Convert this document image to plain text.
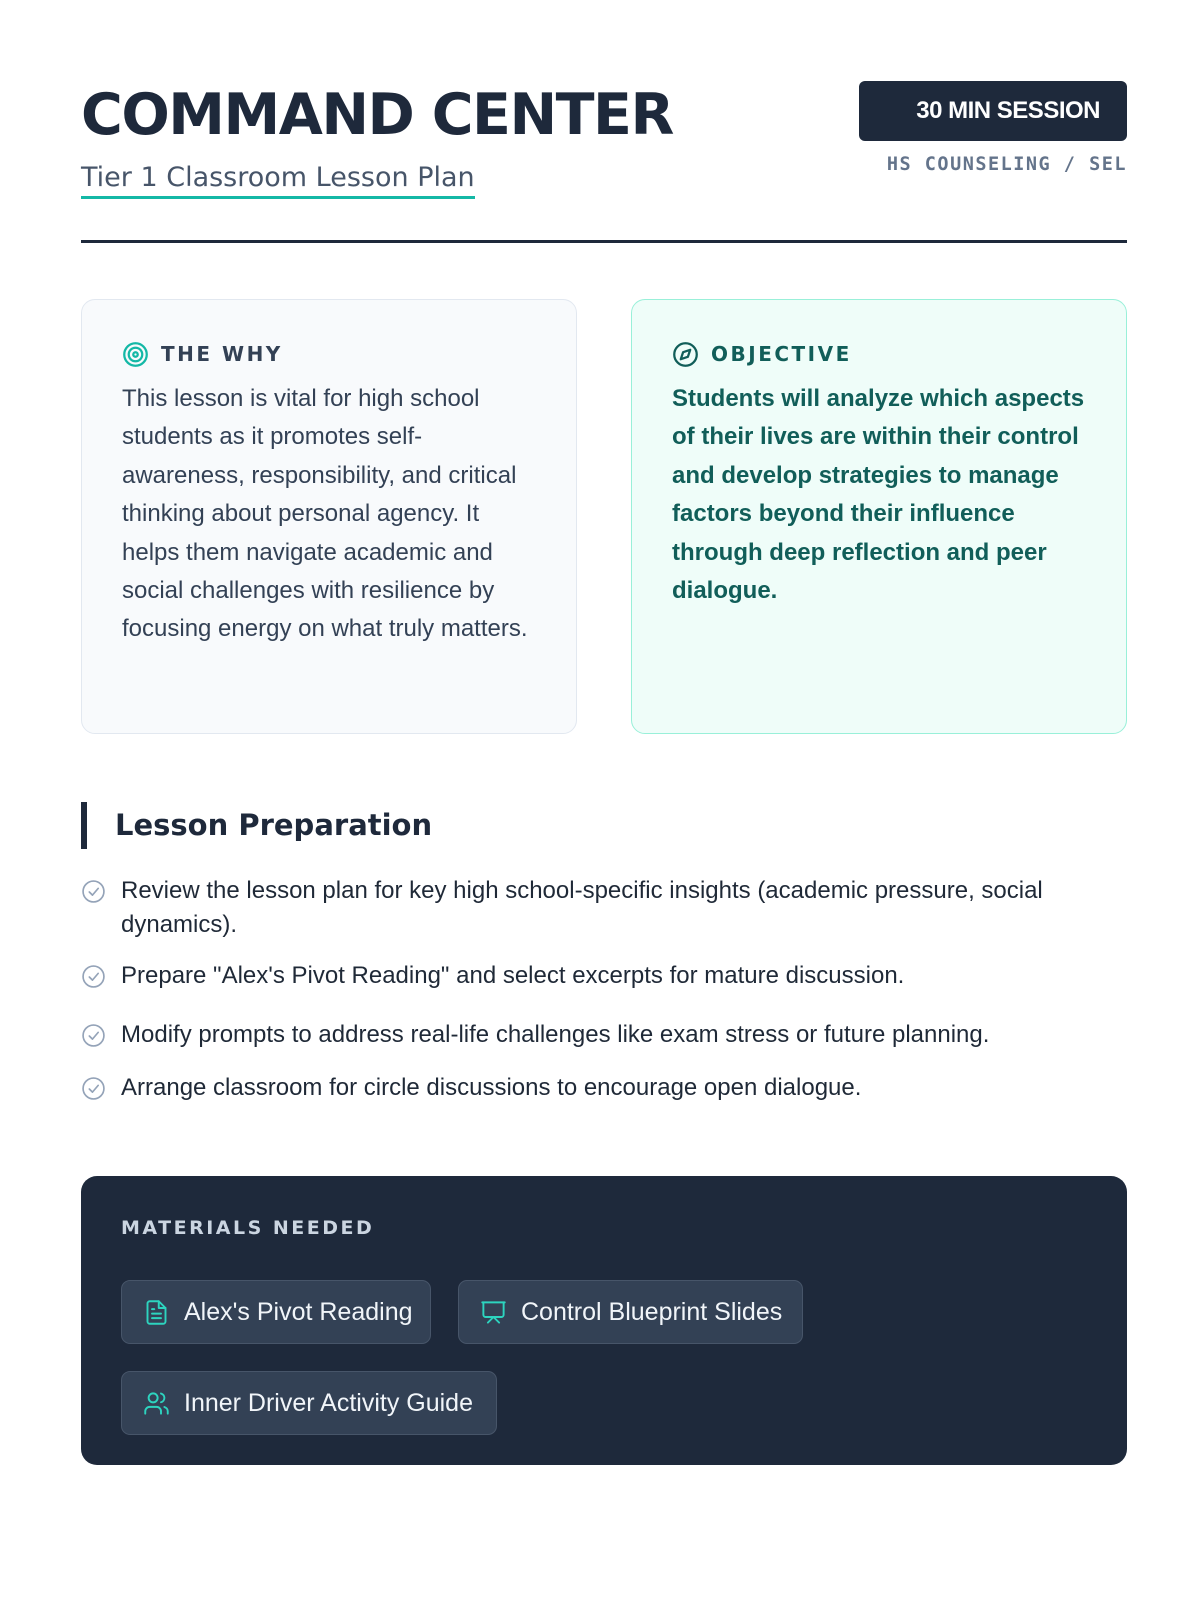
COMMAND CENTER
Tier 1 Classroom Lesson Plan
30 MIN SESSION
HS COUNSELING / SEL
THE WHY

This lesson is vital for high school students as it promotes self-awareness, responsibility, and critical thinking about personal agency. It helps them navigate academic and social challenges with resilience by focusing energy on what truly matters.

OBJECTIVE

Students will analyze which aspects of their lives are within their control and develop strategies to manage factors beyond their influence through deep reflection and peer dialogue.

Lesson Preparation
Review the lesson plan for key high school-specific insights (academic pressure, social dynamics).
Prepare "Alex's Pivot Reading" and select excerpts for mature discussion.
Modify prompts to address real-life challenges like exam stress or future planning.
Arrange classroom for circle discussions to encourage open dialogue.
MATERIALS NEEDED
Alex's Pivot Reading	Control Blueprint Slides
Inner Driver Activity Guide
